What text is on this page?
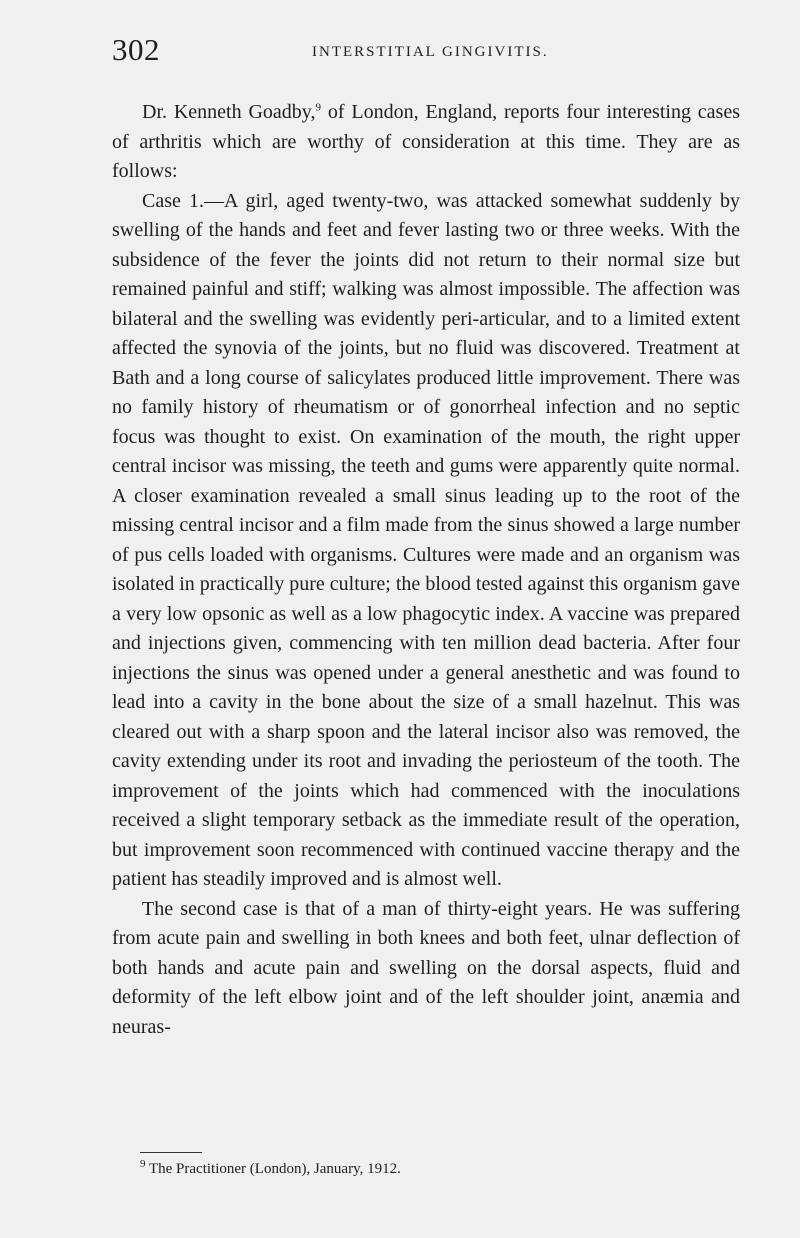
302	INTERSTITIAL GINGIVITIS.

Dr. Kenneth Goadby,$^9$ of London, England, reports four interesting cases of arthritis which are worthy of consideration at this time. They are as follows:

Case 1.—A girl, aged twenty-two, was attacked somewhat suddenly by swelling of the hands and feet and fever lasting two or three weeks. With the subsidence of the fever the joints did not return to their normal size but remained painful and stiff; walking was almost impossible. The affection was bilateral and the swelling was evidently peri-articular, and to a limited extent affected the synovia of the joints, but no fluid was discovered. Treatment at Bath and a long course of salicylates produced little improvement. There was no family history of rheumatism or of gonorrheal infection and no septic focus was thought to exist. On examination of the mouth, the right upper central incisor was missing, the teeth and gums were apparently quite normal. A closer examination revealed a small sinus leading up to the root of the missing central incisor and a film made from the sinus showed a large number of pus cells loaded with organisms. Cultures were made and an organism was isolated in practically pure culture; the blood tested against this organism gave a very low opsonic as well as a low phagocytic index. A vaccine was prepared and injections given, commencing with ten million dead bacteria. After four injections the sinus was opened under a general anesthetic and was found to lead into a cavity in the bone about the size of a small hazelnut. This was cleared out with a sharp spoon and the lateral incisor also was removed, the cavity extending under its root and invading the periosteum of the tooth. The improvement of the joints which had commenced with the inoculations received a slight temporary setback as the immediate result of the operation, but improvement soon recommenced with continued vaccine therapy and the patient has steadily improved and is almost well.

The second case is that of a man of thirty-eight years. He was suffering from acute pain and swelling in both knees and both feet, ulnar deflection of both hands and acute pain and swelling on the dorsal aspects, fluid and deformity of the left elbow joint and of the left shoulder joint, anæmia and neuras-

$^9$ The Practitioner (London), January, 1912.
